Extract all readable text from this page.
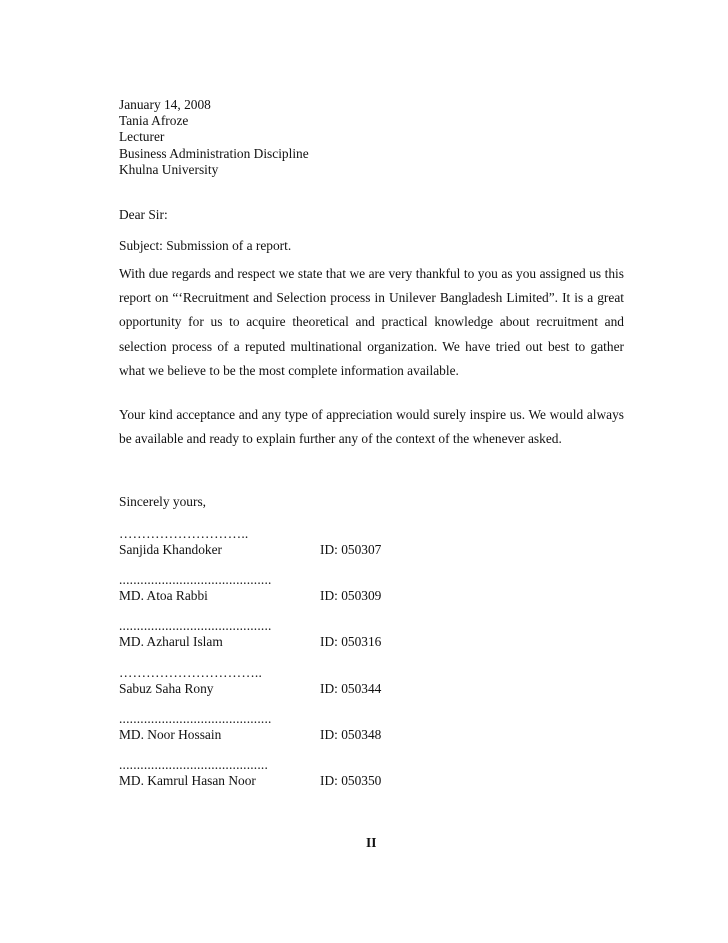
January 14, 2008
Tania Afroze
Lecturer
Business Administration Discipline
Khulna University
Dear Sir:
Subject: Submission of a report.
With due regards and respect we state that we are very thankful to you as you assigned us this report on “‘Recruitment and Selection process in Unilever Bangladesh Limited”. It is a great opportunity for us to acquire theoretical and practical knowledge about recruitment and selection process of a reputed multinational organization. We have tried out best to gather what we believe to be the most complete information available.
Your kind acceptance and any type of appreciation would surely inspire us. We would always be available and ready to explain further any of the context of the whenever asked.
Sincerely yours,
………………………..
Sanjida Khandoker	ID: 050307
...........................................
MD. Atoa Rabbi	ID: 050309
...........................................
MD. Azharul Islam	ID: 050316
…………………………..
Sabuz Saha Rony	ID: 050344
...........................................
MD. Noor Hossain	ID: 050348
..........................................
MD. Kamrul Hasan Noor	ID: 050350
II
